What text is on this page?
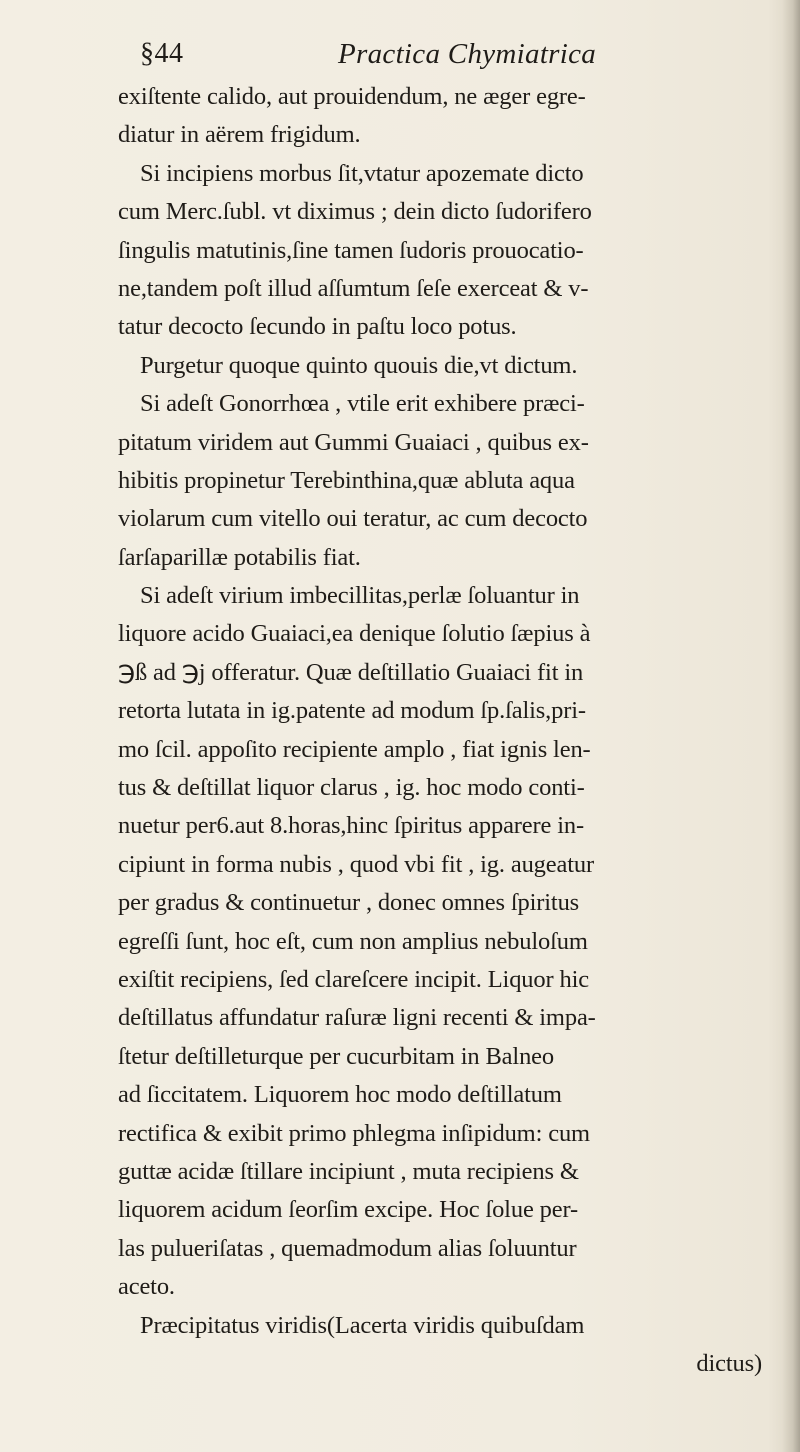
§44	Practica Chymiatrica
exiſtente calido, aut prouidendum, ne æger egre-
diatur in aërem frigidum.
Si incipiens morbus ſit,vtatur apozemate dicto
cum Merc.ſubl. vt diximus ; dein dicto ſudorifero
ſingulis matutinis,ſine tamen ſudoris prouocatio-
ne,tandem poſt illud aſſumtum ſeſe exerceat & v-
tatur decocto ſecundo in paſtu loco potus.
Purgetur quoque quinto quouis die,vt dictum.
Si adeſt Gonorrhœa , vtile erit exhibere præci-
pitatum viridem aut Gummi Guaiaci , quibus ex-
hibitis propinetur Terebinthina,quæ abluta aqua
violarum cum vitello oui teratur, ac cum decocto
ſarſaparillæ potabilis fiat.
Si adeſt virium imbecillitas,perlæ ſoluantur in
liquore acido Guaiaci,ea denique ſolutio ſæpius à
℈ß ad ℈j offeratur. Quæ deſtillatio Guaiaci fit in
retorta lutata in ig.patente ad modum ſp.ſalis,pri-
mo ſcil. appoſito recipiente amplo , fiat ignis len-
tus & deſtillat liquor clarus , ig. hoc modo conti-
nuetur per6.aut 8.horas,hinc ſpiritus apparere in-
cipiunt in forma nubis , quod vbi fit , ig. augeatur
per gradus & continuetur , donec omnes ſpiritus
egreſſi ſunt, hoc eſt, cum non amplius nebuloſum
exiſtit recipiens, ſed clareſcere incipit. Liquor hic
deſtillatus affundatur raſuræ ligni recenti & impa-
ſtetur deſtilleturque per cucurbitam in Balneo
ad ſiccitatem. Liquorem hoc modo deſtillatum
rectifica & exibit primo phlegma inſipidum: cum
guttæ acidæ ſtillare incipiunt , muta recipiens &
liquorem acidum ſeorſim excipe. Hoc ſolue per-
las pulueriſatas , quemadmodum alias ſoluuntur
aceto.
Præcipitatus viridis(Lacerta viridis quibuſdam
dictus)
